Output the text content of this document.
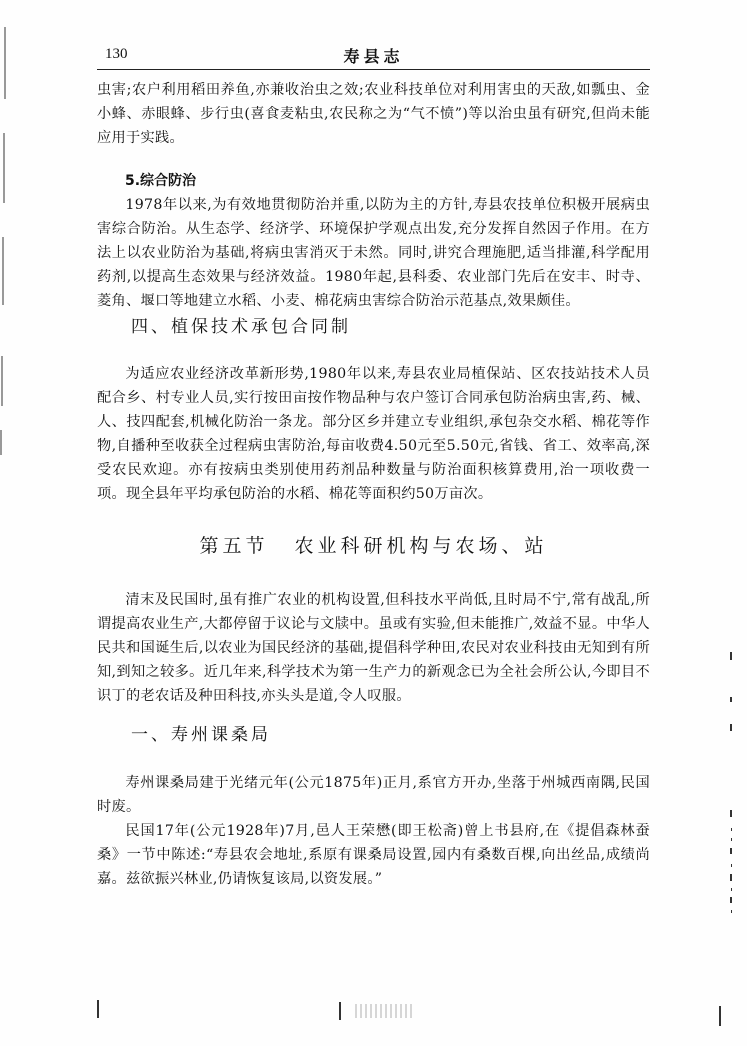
130	寿县志

虫害;农户利用稻田养鱼,亦兼收治虫之效;农业科技单位对利用害虫的天敌,如瓢虫、金小蜂、赤眼蜂、步行虫(喜食麦粘虫,农民称之为“气不愤”)等以治虫虽有研究,但尚未能应用于实践。

5.综合防治

1978年以来,为有效地贯彻防治并重,以防为主的方针,寿县农技单位积极开展病虫害综合防治。从生态学、经济学、环境保护学观点出发,充分发挥自然因子作用。在方法上以农业防治为基础,将病虫害消灭于未然。同时,讲究合理施肥,适当排灌,科学配用药剂,以提高生态效果与经济效益。1980年起,县科委、农业部门先后在安丰、时寺、菱角、堰口等地建立水稻、小麦、棉花病虫害综合防治示范基点,效果颇佳。

四、植保技术承包合同制

为适应农业经济改革新形势,1980年以来,寿县农业局植保站、区农技站技术人员配合乡、村专业人员,实行按田亩按作物品种与农户签订合同承包防治病虫害,药、械、人、技四配套,机械化防治一条龙。部分区乡并建立专业组织,承包杂交水稻、棉花等作物,自播种至收获全过程病虫害防治,每亩收费4.50元至5.50元,省钱、省工、效率高,深受农民欢迎。亦有按病虫类别使用药剂品种数量与防治面积核算费用,治一项收费一项。现全县年平均承包防治的水稻、棉花等面积约50万亩次。

第五节 农业科研机构与农场、站

清末及民国时,虽有推广农业的机构设置,但科技水平尚低,且时局不宁,常有战乱,所谓提高农业生产,大都停留于议论与文牍中。虽或有实验,但未能推广,效益不显。中华人民共和国诞生后,以农业为国民经济的基础,提倡科学种田,农民对农业科技由无知到有所知,到知之较多。近几年来,科学技术为第一生产力的新观念已为全社会所公认,今即目不识丁的老农话及种田科技,亦头头是道,令人叹服。

一、寿州课桑局

寿州课桑局建于光绪元年(公元1875年)正月,系官方开办,坐落于州城西南隅,民国时废。

民国17年(公元1928年)7月,邑人王荣懋(即王松斋)曾上书县府,在《提倡森林蚕桑》一节中陈述:“寿县农会地址,系原有课桑局设置,园内有桑数百棵,向出丝品,成绩尚嘉。兹欲振兴林业,仍请恢复该局,以资发展。”
